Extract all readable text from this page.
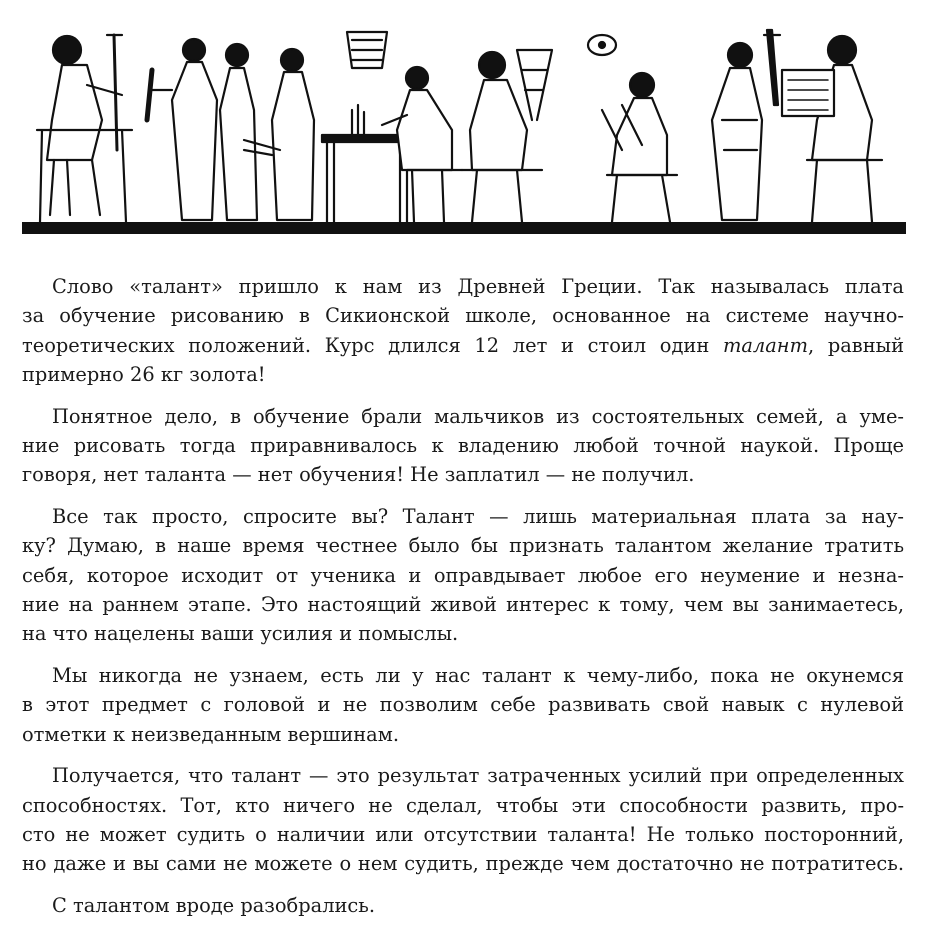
Слово «талант» пришло к нам из Древней Греции. Так называлась плата
за обучение рисованию в Сикионской школе, основанное на системе научно-
теоретических положений. Курс длился 12 лет и стоил один талант, равный
примерно 26 кг золота!

Понятное дело, в обучение брали мальчиков из состоятельных семей, а уме-
ние рисовать тогда приравнивалось к владению любой точной наукой. Проще
говоря, нет таланта — нет обучения! Не заплатил — не получил.

Все так просто, спросите вы? Талант — лишь материальная плата за нау-
ку? Думаю, в наше время честнее было бы признать талантом желание тратить
себя, которое исходит от ученика и оправдывает любое его неумение и незна-
ние на раннем этапе. Это настоящий живой интерес к тому, чем вы занимаетесь,
на что нацелены ваши усилия и помыслы.

Мы никогда не узнаем, есть ли у нас талант к чему-либо, пока не окунемся
в этот предмет с головой и не позволим себе развивать свой навык с нулевой
отметки к неизведанным вершинам.

Получается, что талант — это результат затраченных усилий при определенных
способностях. Тот, кто ничего не сделал, чтобы эти способности развить, про-
сто не может судить о наличии или отсутствии таланта! Не только посторонний,
но даже и вы сами не можете о нем судить, прежде чем достаточно не потратитесь.

С талантом вроде разобрались.
